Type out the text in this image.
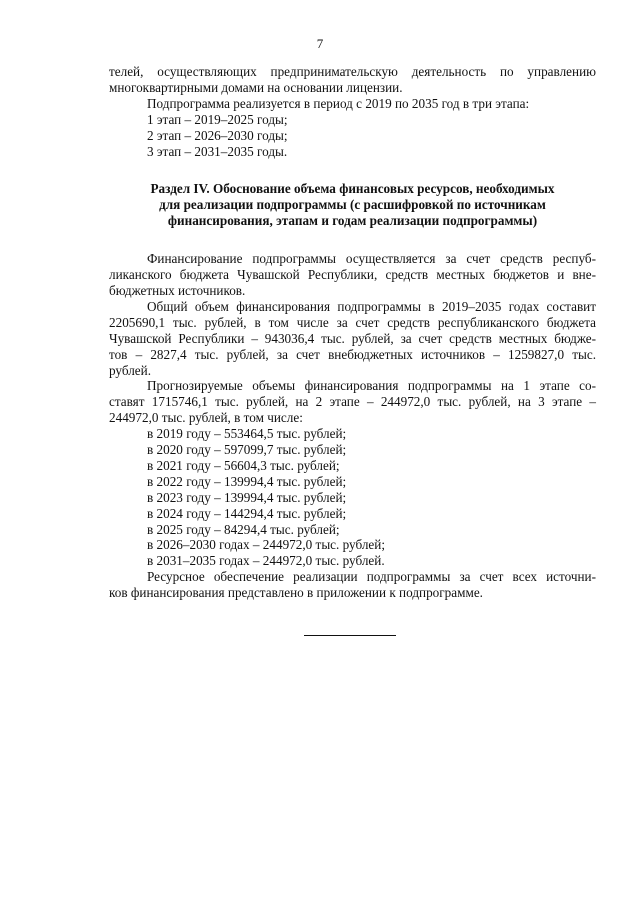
7

телей, осуществляющих предпринимательскую деятельность по управлению

многоквартирными домами на основании лицензии.

Подпрограмма реализуется в период с 2019 по 2035 год в три этапа:

1 этап – 2019–2025 годы;

2 этап – 2026–2030 годы;

3 этап – 2031–2035 годы.

Раздел IV. Обоснование объема финансовых ресурсов, необходимых
для реализации подпрограммы (с расшифровкой по источникам
финансирования, этапам и годам реализации подпрограммы)

Финансирование подпрограммы осуществляется за счет средств респуб-

ликанского бюджета Чувашской Республики, средств местных бюджетов и вне-

бюджетных источников.

Общий объем финансирования подпрограммы в 2019–2035 годах составит

2205690,1 тыс. рублей, в том числе за счет средств республиканского бюджета

Чувашской Республики – 943036,4 тыс. рублей, за счет средств местных бюдже-

тов – 2827,4 тыс. рублей, за счет внебюджетных источников – 1259827,0 тыс.

рублей.

Прогнозируемые объемы финансирования подпрограммы на 1 этапе со-

ставят 1715746,1 тыс. рублей, на 2 этапе – 244972,0 тыс. рублей, на 3 этапе –

244972,0 тыс. рублей, в том числе:

в 2019 году – 553464,5 тыс. рублей;

в 2020 году – 597099,7 тыс. рублей;

в 2021 году – 56604,3 тыс. рублей;

в 2022 году – 139994,4 тыс. рублей;

в 2023 году – 139994,4 тыс. рублей;

в 2024 году – 144294,4 тыс. рублей;

в 2025 году – 84294,4 тыс. рублей;

в 2026–2030 годах – 244972,0 тыс. рублей;

в 2031–2035 годах – 244972,0 тыс. рублей.

Ресурсное обеспечение реализации подпрограммы за счет всех источни-

ков финансирования представлено в приложении к подпрограмме.
